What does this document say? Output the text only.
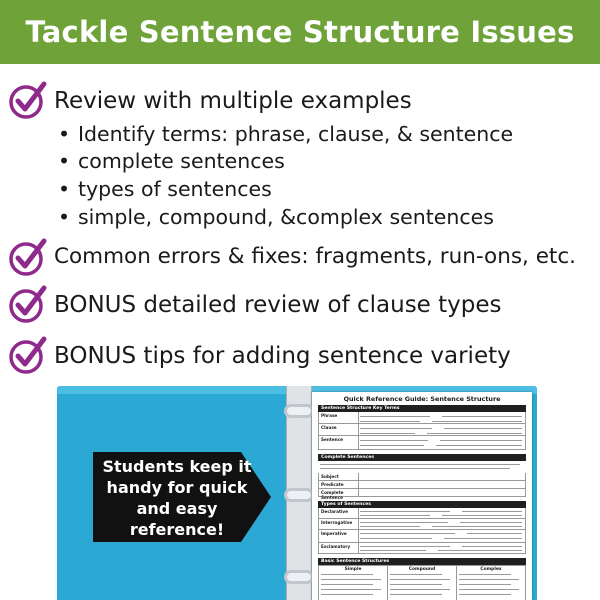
Tackle Sentence Structure Issues
Review with multiple examples
• Identify terms: phrase, clause, & sentence
• complete sentences
• types of sentences
• simple, compound, &complex sentences
Common errors & fixes: fragments, run-ons, etc.
BONUS detailed review of clause types
BONUS tips for adding sentence variety
Students keep it
handy for quick
and easy
reference!
Quick Reference Guide: Sentence Structure
Sentence Structure Key Terms
Phrase
Clause
Sentence
Complete Sentences
Subject
Predicate
Complete Sentence
Types of Sentences
Declarative
Interrogative
Imperative
Exclamatory
Basic Sentence Structures
Simple	Compound	Complex
